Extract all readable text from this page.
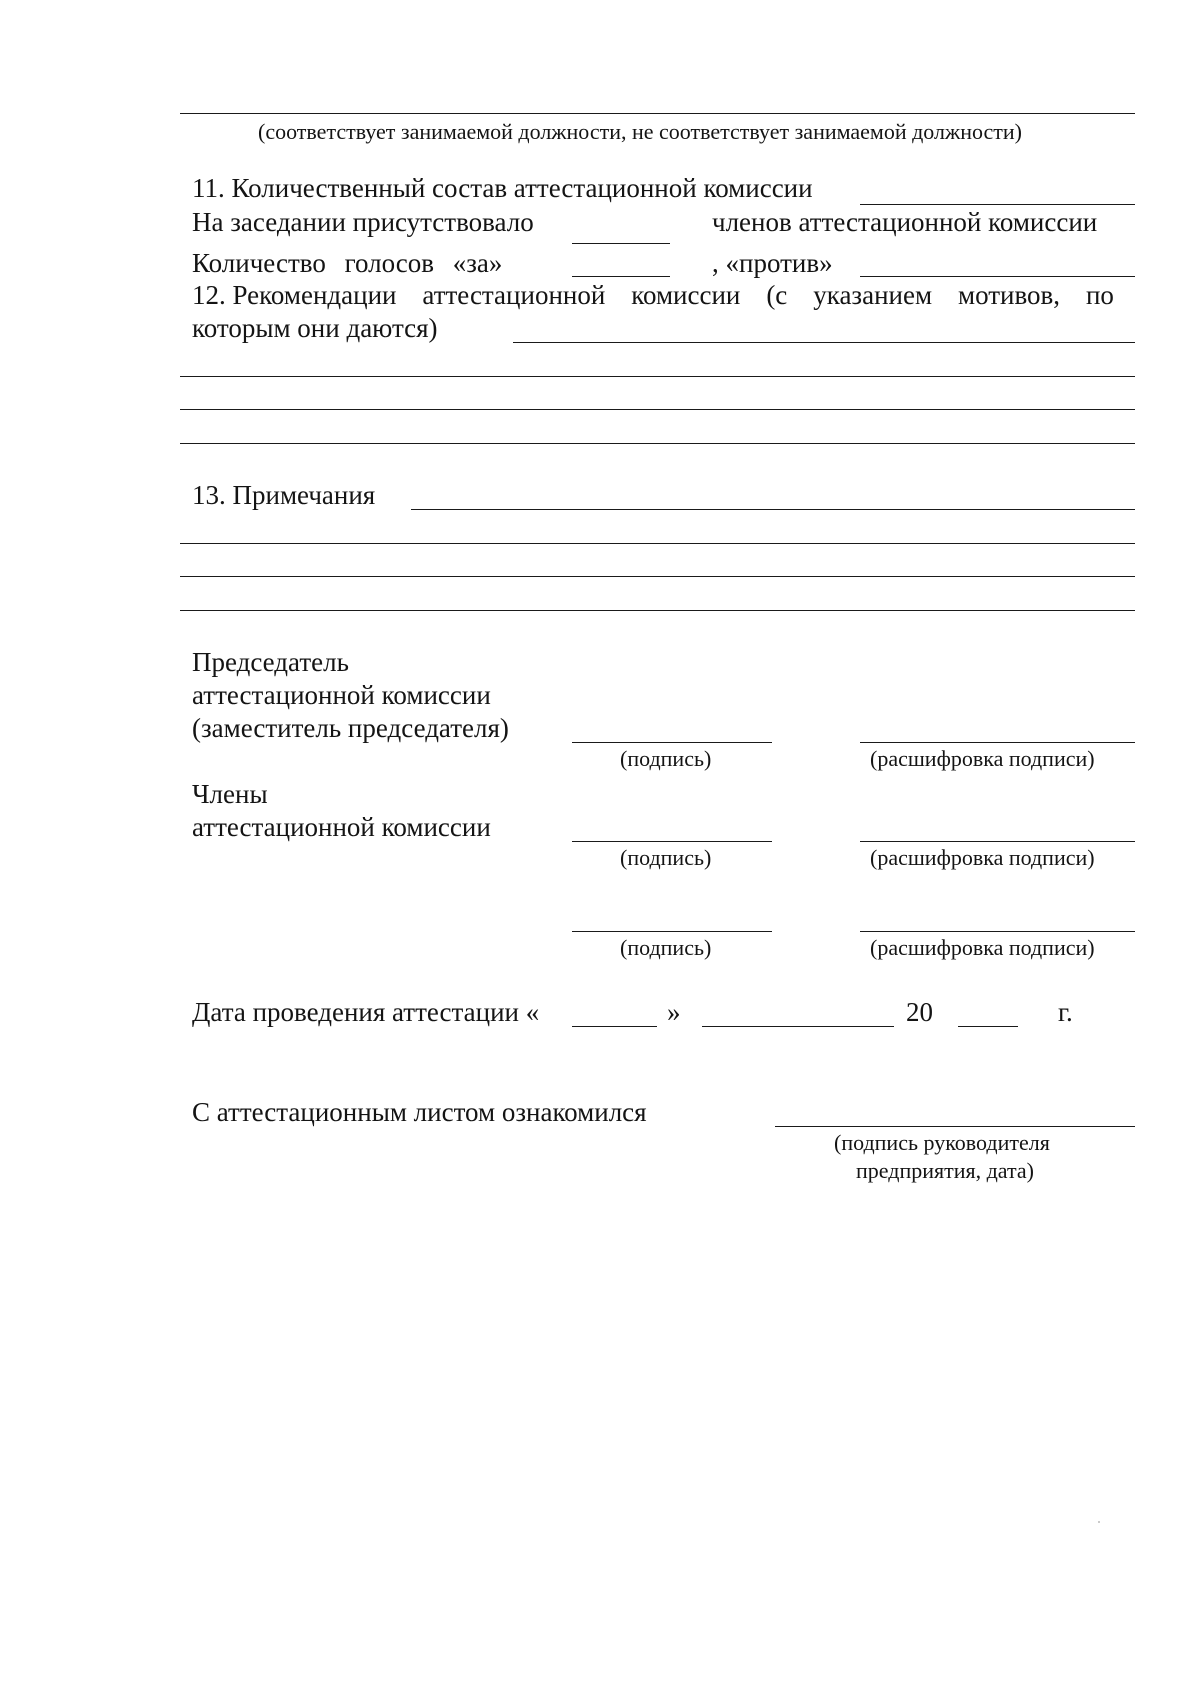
(соответствует занимаемой должности, не соответствует занимаемой должности)
11. Количественный состав аттестационной комиссии
На заседании присутствовало	членов аттестационной комиссии
Количество голосов «за»	, «против»
12. Рекомендации аттестационной комиссии (с указанием мотивов, по
которым они даются)
13. Примечания
Председатель
аттестационной комиссии
(заместитель председателя)
(подпись)	(расшифровка подписи)
Члены
аттестационной комиссии
(подпись)	(расшифровка подписи)
(подпись)	(расшифровка подписи)
Дата проведения аттестации «	»	20	г.
С аттестационным листом ознакомился
(подпись руководителя
предприятия, дата)
